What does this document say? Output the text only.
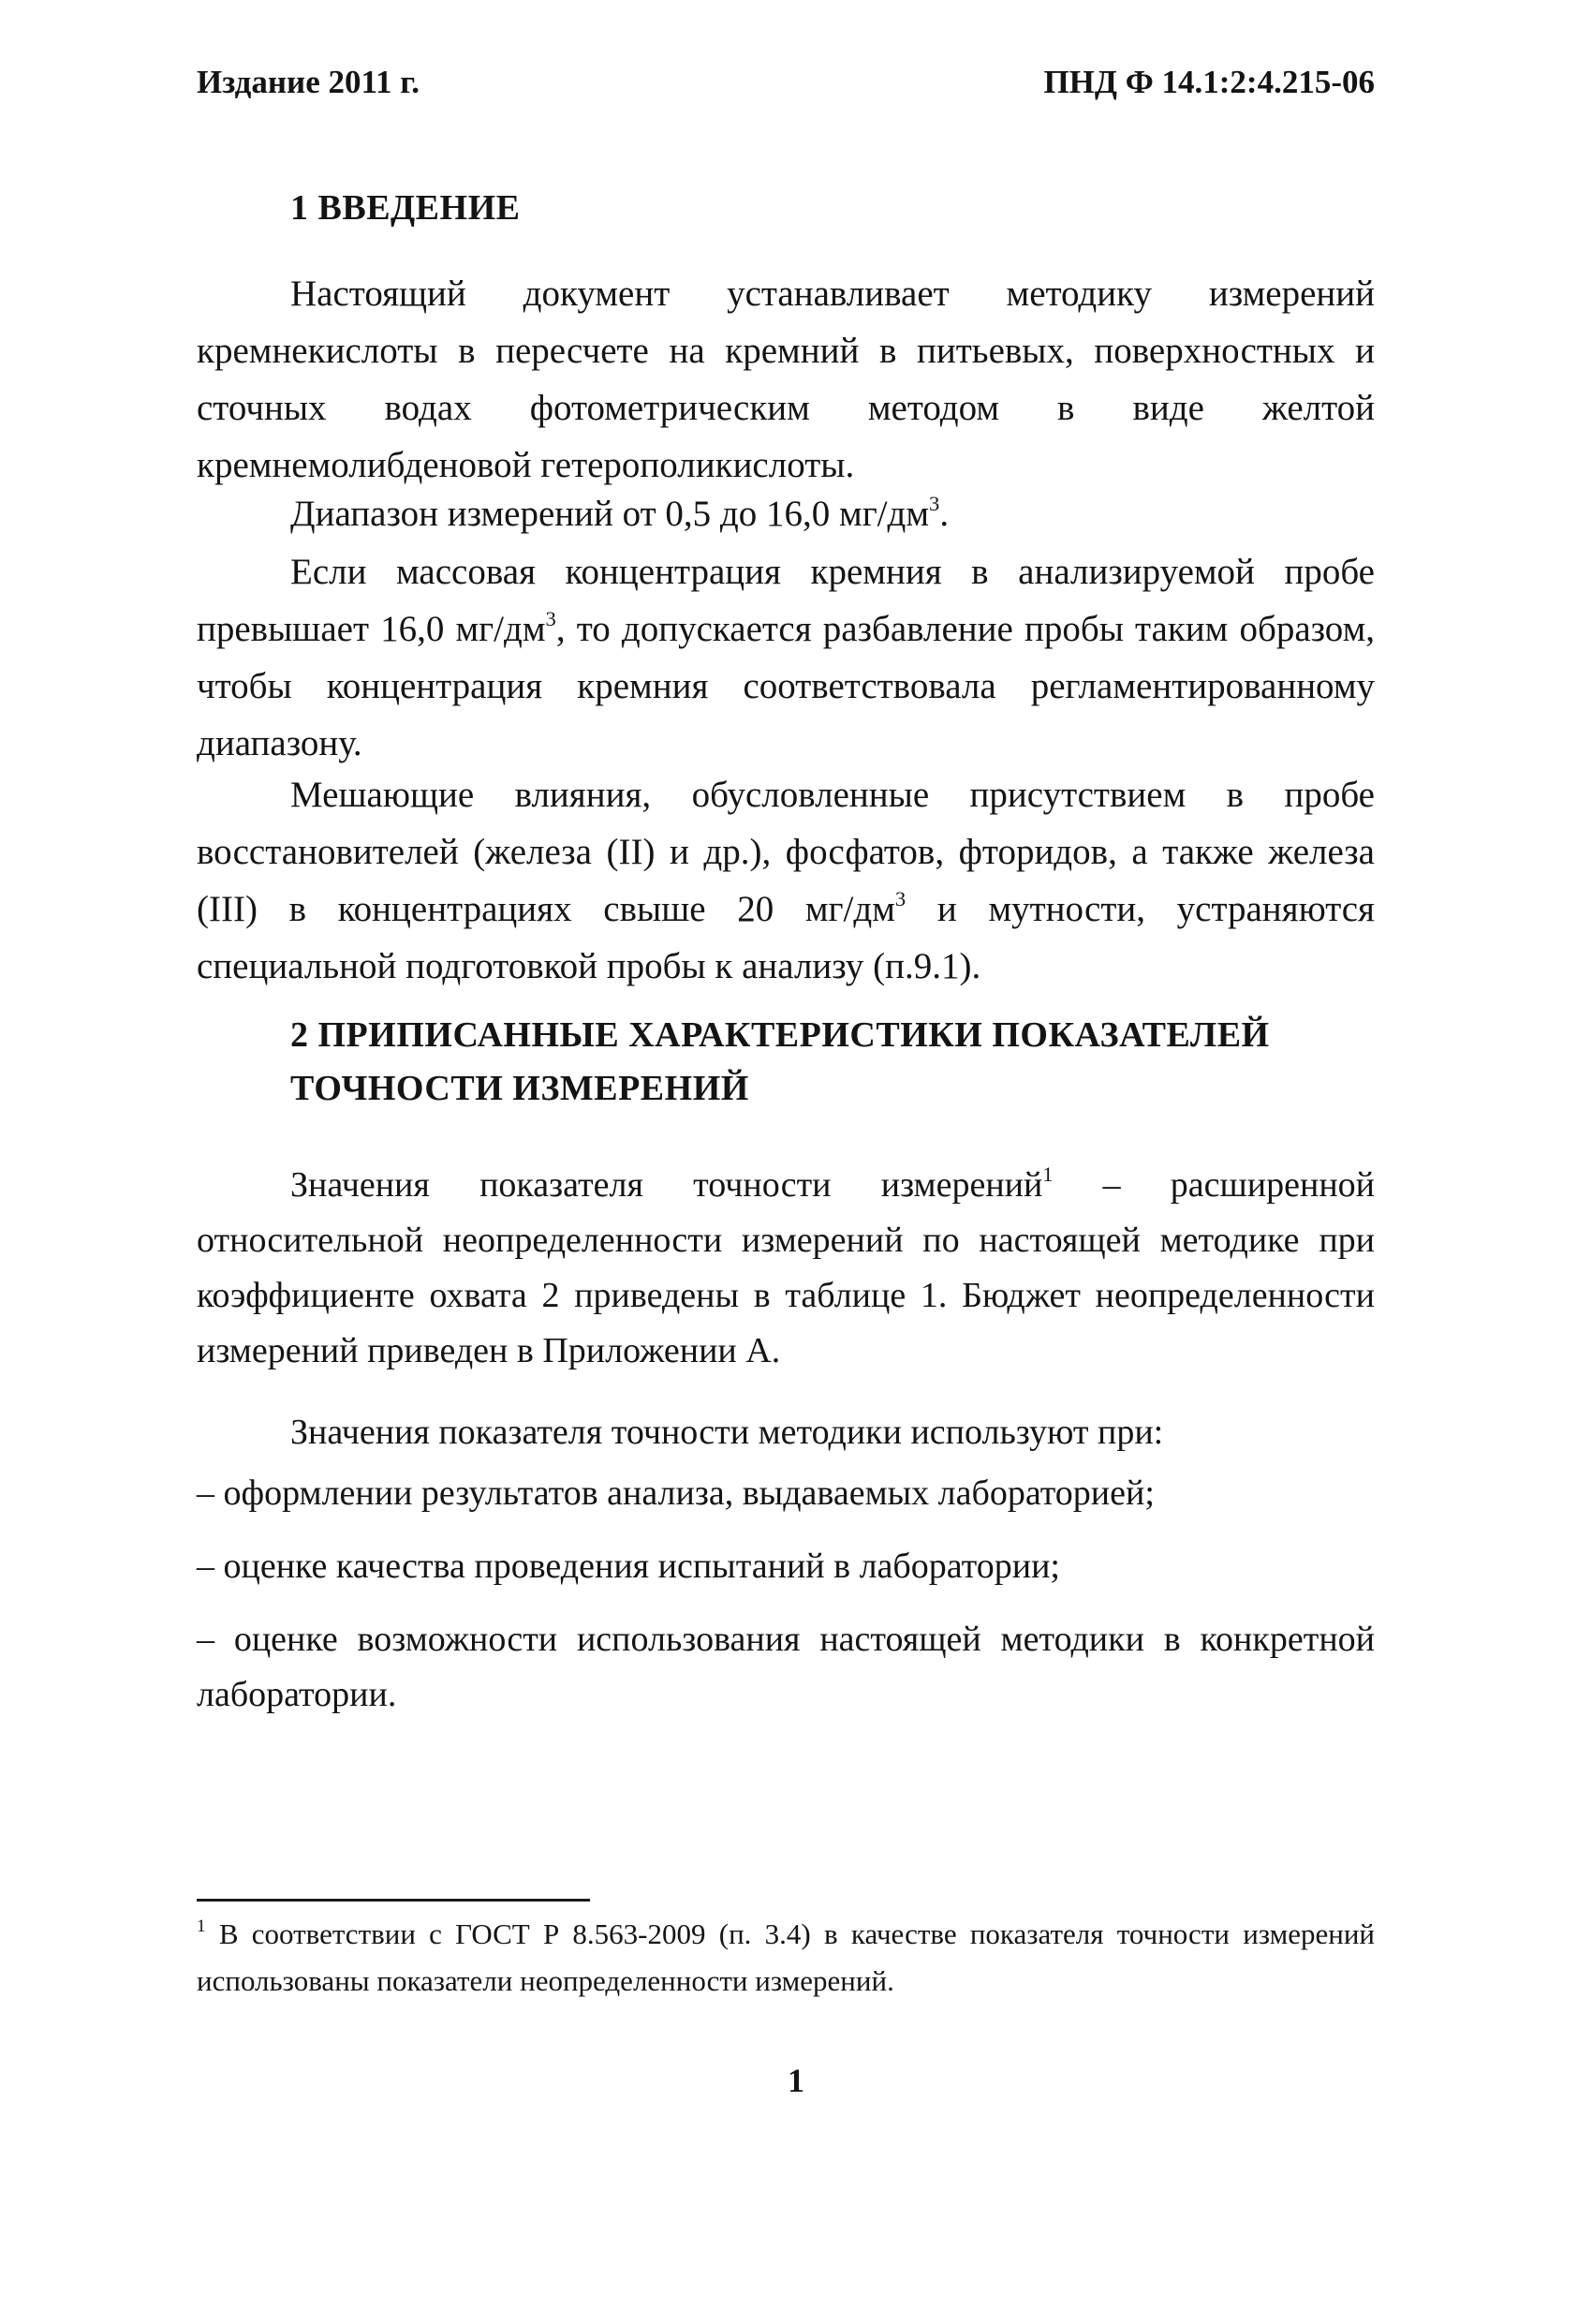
Издание 2011 г.	ПНД Ф 14.1:2:4.215-06
1 ВВЕДЕНИЕ

Настоящий документ устанавливает методику измерений кремнекислоты в пересчете на кремний в питьевых, поверхностных и сточных водах фотометрическим методом в виде желтой кремнемолибденовой гетерополикислоты.

Диапазон измерений от 0,5 до 16,0 $мг/дм^3$.

Если массовая концентрация кремния в анализируемой пробе превышает 16,0 $мг/дм^3$, то допускается разбавление пробы таким образом, чтобы концентрация кремния соответствовала регламентированному диапазону.

Мешающие влияния, обусловленные присутствием в пробе восстановителей (железа (II) и др.), фосфатов, фторидов, а также железа (III) в концентрациях свыше 20 $мг/дм^3$ и мутности, устраняются специальной подготовкой пробы к анализу (п.9.1).

2 ПРИПИСАННЫЕ ХАРАКТЕРИСТИКИ ПОКАЗАТЕЛЕЙ
ТОЧНОСТИ ИЗМЕРЕНИЙ

Значения показателя точности измерений$^1$ – расширенной относительной неопределенности измерений по настоящей методике при коэффициенте охвата 2 приведены в таблице 1. Бюджет неопределенности измерений приведен в Приложении А.

Значения показателя точности методики используют при:

– оформлении результатов анализа, выдаваемых лабораторией;

– оценке качества проведения испытаний в лаборатории;

– оценке возможности использования настоящей методики в конкретной лаборатории.

$^1$ В соответствии с ГОСТ Р 8.563-2009 (п. 3.4) в качестве показателя точности измерений использованы показатели неопределенности измерений.

1
